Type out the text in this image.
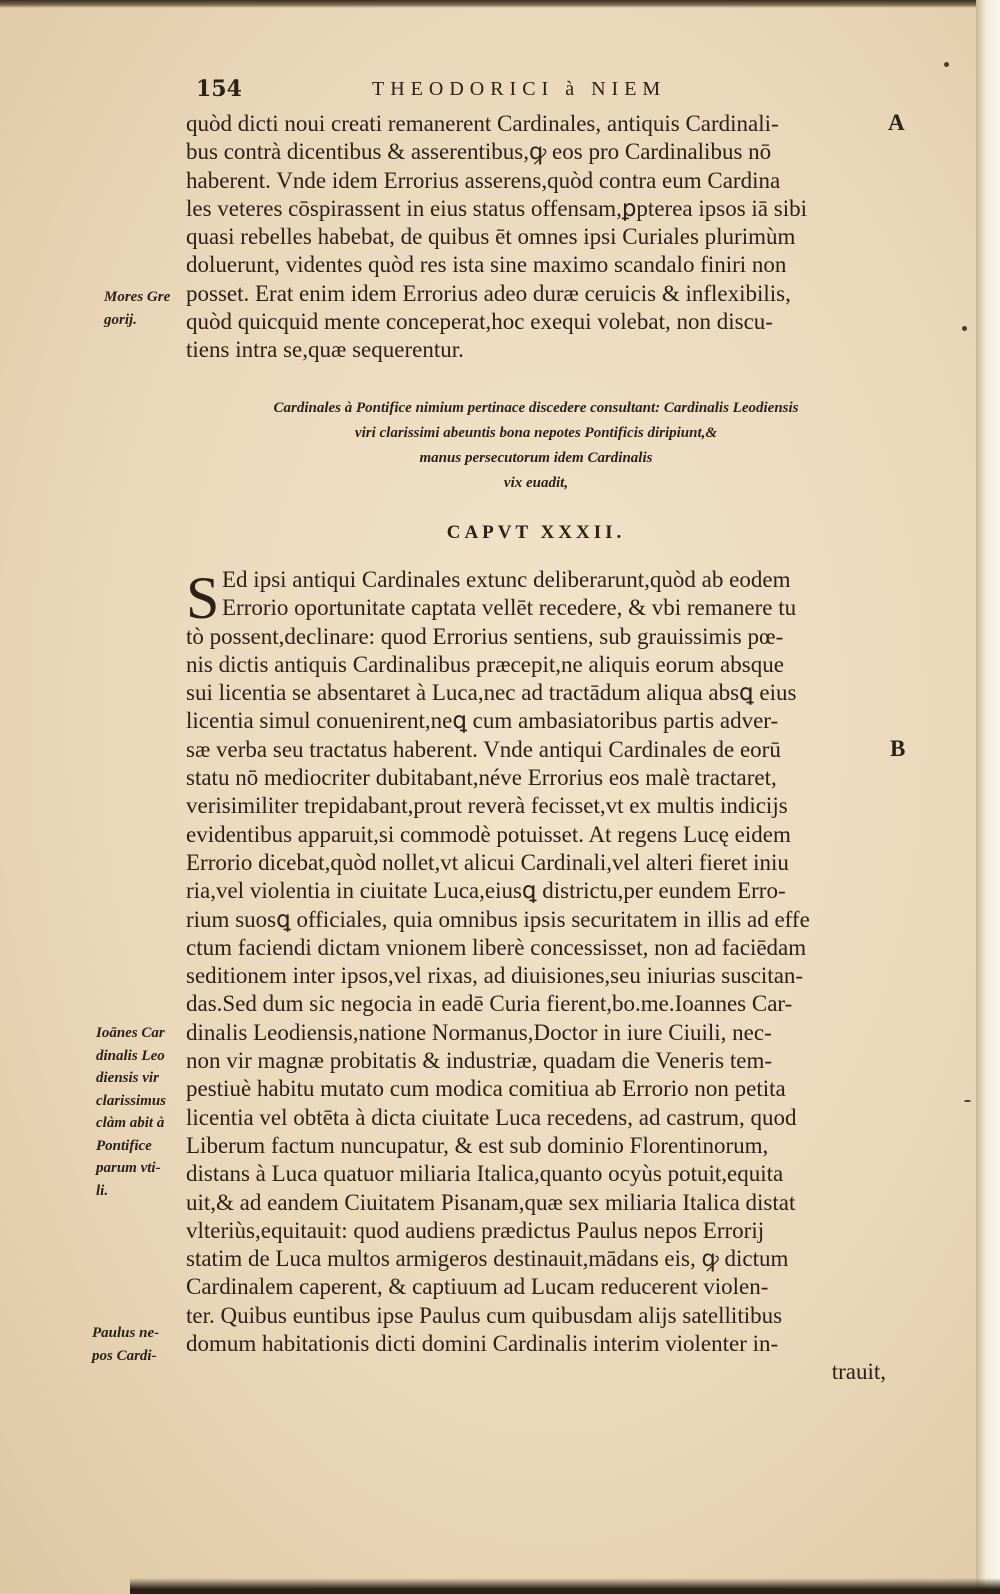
154	THEODORICI à NIEM
quòd dicti noui creati remanerent Cardinales, antiquis Cardinali-
bus contrà dicentibus & asserentibus,ꝙ eos pro Cardinalibus nō
haberent. Vnde idem Errorius asserens,quòd contra eum Cardina
les veteres cōspirassent in eius status offensam,ꝑpterea ipsos iā sibi
quasi rebelles habebat, de quibus ēt omnes ipsi Curiales plurimùm
doluerunt, videntes quòd res ista sine maximo scandalo finiri non
posset. Erat enim idem Errorius adeo duræ ceruicis & inflexibilis,
quòd quicquid mente conceperat,hoc exequi volebat, non discu-
tiens intra se,quæ sequerentur.
A
Mores Gre
gorij.
Cardinales à Pontifice nimium pertinace discedere consultant: Cardinalis Leodiensis
viri clarissimi abeuntis bona nepotes Pontificis diripiunt,&
manus persecutorum idem Cardinalis
vix euadit,
CAPVT XXXII.
S Ed ipsi antiqui Cardinales extunc deliberarunt,quòd ab eodem
Errorio oportunitate captata vellēt recedere, & vbi remanere tu
tò possent,declinare: quod Errorius sentiens, sub grauissimis pœ-
nis dictis antiquis Cardinalibus præcepit,ne aliquis eorum absque
sui licentia se absentaret à Luca,nec ad tractādum aliqua absꝗ eius
licentia simul conuenirent,neꝗ cum ambasiatoribus partis adver-
sæ verba seu tractatus haberent. Vnde antiqui Cardinales de eorū
statu nō mediocriter dubitabant,néve Errorius eos malè tractaret,
verisimiliter trepidabant,prout reverà fecisset,vt ex multis indicijs
evidentibus apparuit,si commodè potuisset. At regens Lucę eidem
Errorio dicebat,quòd nollet,vt alicui Cardinali,vel alteri fieret iniu
ria,vel violentia in ciuitate Luca,eiusꝗ districtu,per eundem Erro-
rium suosꝗ officiales, quia omnibus ipsis securitatem in illis ad effe
ctum faciendi dictam vnionem liberè concessisset, non ad faciēdam
seditionem inter ipsos,vel rixas, ad diuisiones,seu iniurias suscitan-
das.Sed dum sic negocia in eadē Curia fierent,bo.me.Ioannes Car-
dinalis Leodiensis,natione Normanus,Doctor in iure Ciuili, nec-
non vir magnæ probitatis & industriæ, quadam die Veneris tem-
pestiuè habitu mutato cum modica comitiua ab Errorio non petita
licentia vel obtēta à dicta ciuitate Luca recedens, ad castrum, quod
Liberum factum nuncupatur, & est sub dominio Florentinorum,
distans à Luca quatuor miliaria Italica,quanto ocyùs potuit,equita
uit,& ad eandem Ciuitatem Pisanam,quæ sex miliaria Italica distat
vlteriùs,equitauit: quod audiens prædictus Paulus nepos Errorij
statim de Luca multos armigeros destinauit,mādans eis, ꝙ dictum
Cardinalem caperent, & captiuum ad Lucam reducerent violen-
ter. Quibus euntibus ipse Paulus cum quibusdam alijs satellitibus
domum habitationis dicti domini Cardinalis interim violenter in-
trauit,
B
Ioānes Car
dinalis Leo
diensis vir
clarissimus
clàm abit à
Pontifice
parum vti-
li.
Paulus ne-
pos Cardi-
